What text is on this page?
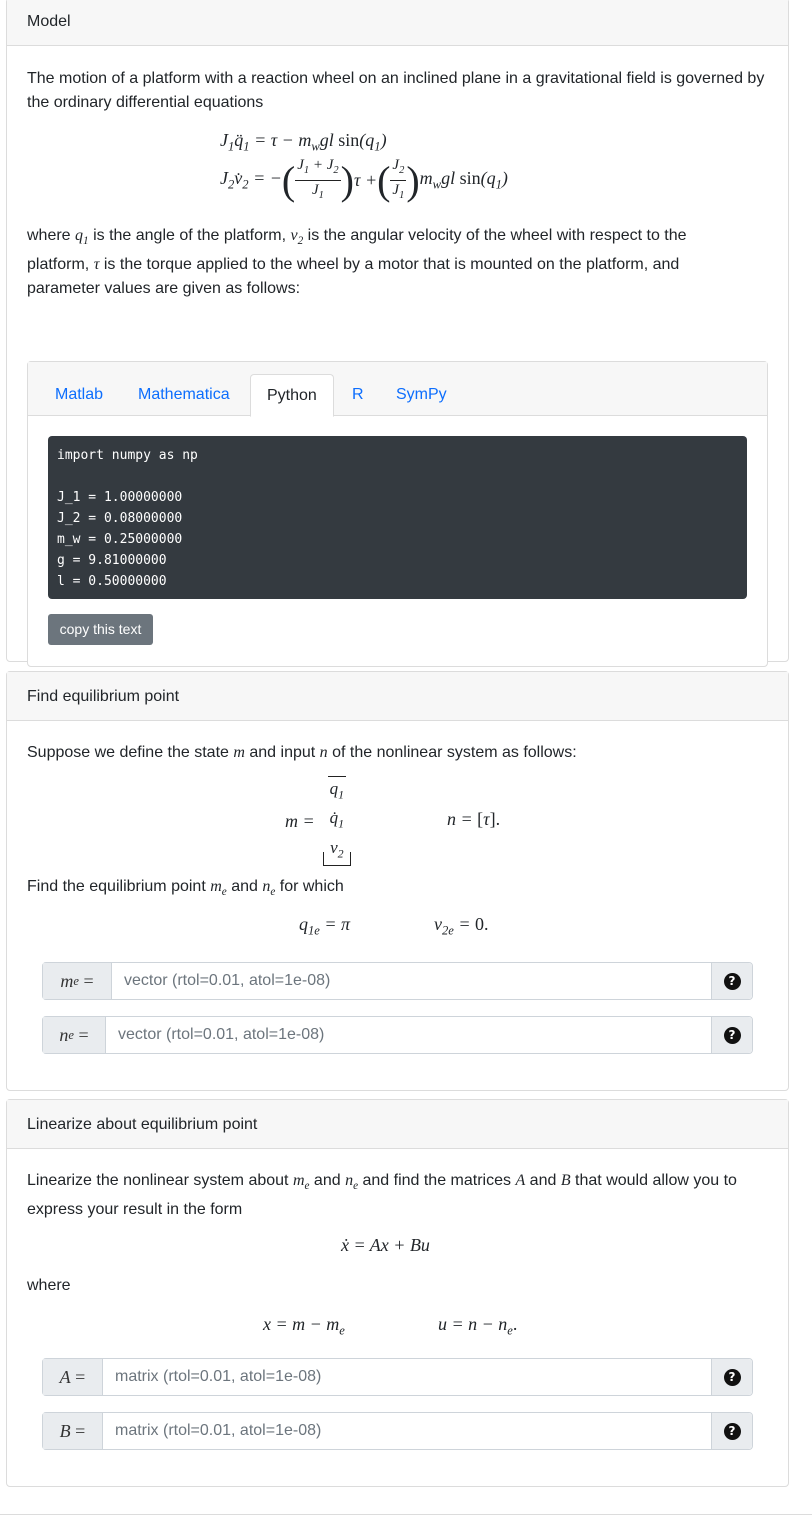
Model

The motion of a platform with a reaction wheel on an inclined plane in a gravitational field is governed by the ordinary differential equations

$J_1q̈_1 = \tau - m_wgl$ $\sin(q_1)$
$J_2v̇_2$ = − ( $\frac{J_1 + J_2}{J_1}$ ) τ + ( $\frac{J_2}{J_1}$ ) $m_wgl$ $\sin(q_1)$

where $q_1$ is the angle of the platform, $v_2$ is the angular velocity of the wheel with respect to the platform, τ is the torque applied to the wheel by a motor that is mounted on the platform, and parameter values are given as follows:

Matlab Mathematica	Python	R SymPy
import numpy as np
J_1 = 1.00000000
J_2 = 0.08000000
m_w = 0.25000000
g = 9.81000000
l = 0.50000000
copy this text
Find equilibrium point

Suppose we define the state m and input n of the nonlinear system as follows:

m =
$q_1$
$q̇_1$
$v_2$
n = [τ].

Find the equilibrium point $m_e$ and $n_e$ for which

$q_{1e} = \pi$	$v_{2e} = 0$.
m e
=
vector (rtol=0.01, atol=1e-08)	?
n e
=
vector (rtol=0.01, atol=1e-08)	?
Linearize about equilibrium point

Linearize the nonlinear system about $m_e$ and $n_e$ and find the matrices A and B that would allow you to express your result in the form

ẋ = Ax + Bu

where

$x = m - m_e$	$u = n - n_e$.
A =
matrix (rtol=0.01, atol=1e-08)	?
B =
matrix (rtol=0.01, atol=1e-08)	?
